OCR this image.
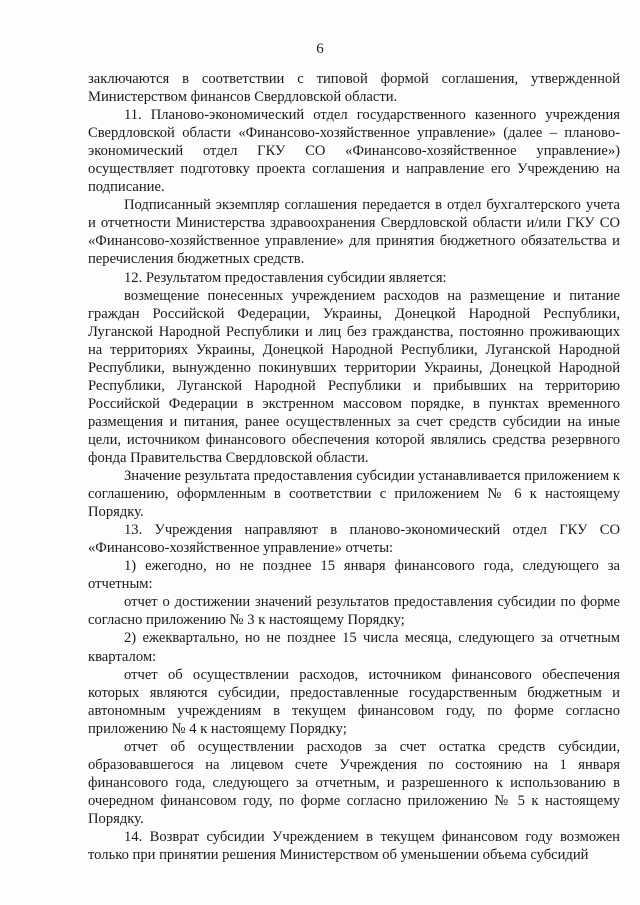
6

заключаются в соответствии с типовой формой соглашения, утвержденной Министерством финансов Свердловской области.

11. Планово-экономический отдел государственного казенного учреждения Свердловской области «Финансово-хозяйственное управление» (далее – планово-экономический отдел ГКУ СО «Финансово-хозяйственное управление») осуществляет подготовку проекта соглашения и направление его Учреждению на подписание.

Подписанный экземпляр соглашения передается в отдел бухгалтерского учета и отчетности Министерства здравоохранения Свердловской области и/или ГКУ СО «Финансово-хозяйственное управление» для принятия бюджетного обязательства и перечисления бюджетных средств.

12. Результатом предоставления субсидии является:

возмещение понесенных учреждением расходов на размещение и питание граждан Российской Федерации, Украины, Донецкой Народной Республики, Луганской Народной Республики и лиц без гражданства, постоянно проживающих на территориях Украины, Донецкой Народной Республики, Луганской Народной Республики, вынужденно покинувших территории Украины, Донецкой Народной Республики, Луганской Народной Республики и прибывших на территорию Российской Федерации в экстренном массовом порядке, в пунктах временного размещения и питания, ранее осуществленных за счет средств субсидии на иные цели, источником финансового обеспечения которой являлись средства резервного фонда Правительства Свердловской области.

Значение результата предоставления субсидии устанавливается приложением к соглашению, оформленным в соответствии с приложением № 6 к настоящему Порядку.

13. Учреждения направляют в планово-экономический отдел ГКУ СО «Финансово-хозяйственное управление» отчеты:

1) ежегодно, но не позднее 15 января финансового года, следующего за отчетным:

отчет о достижении значений результатов предоставления субсидии по форме согласно приложению № 3 к настоящему Порядку;

2) ежеквартально, но не позднее 15 числа месяца, следующего за отчетным кварталом:

отчет об осуществлении расходов, источником финансового обеспечения которых являются субсидии, предоставленные государственным бюджетным и автономным учреждениям в текущем финансовом году, по форме согласно приложению № 4 к настоящему Порядку;

отчет об осуществлении расходов за счет остатка средств субсидии, образовавшегося на лицевом счете Учреждения по состоянию на 1 января финансового года, следующего за отчетным, и разрешенного к использованию в очередном финансовом году, по форме согласно приложению № 5 к настоящему Порядку.

14. Возврат субсидии Учреждением в текущем финансовом году возможен только при принятии решения Министерством об уменьшении объема субсидий
